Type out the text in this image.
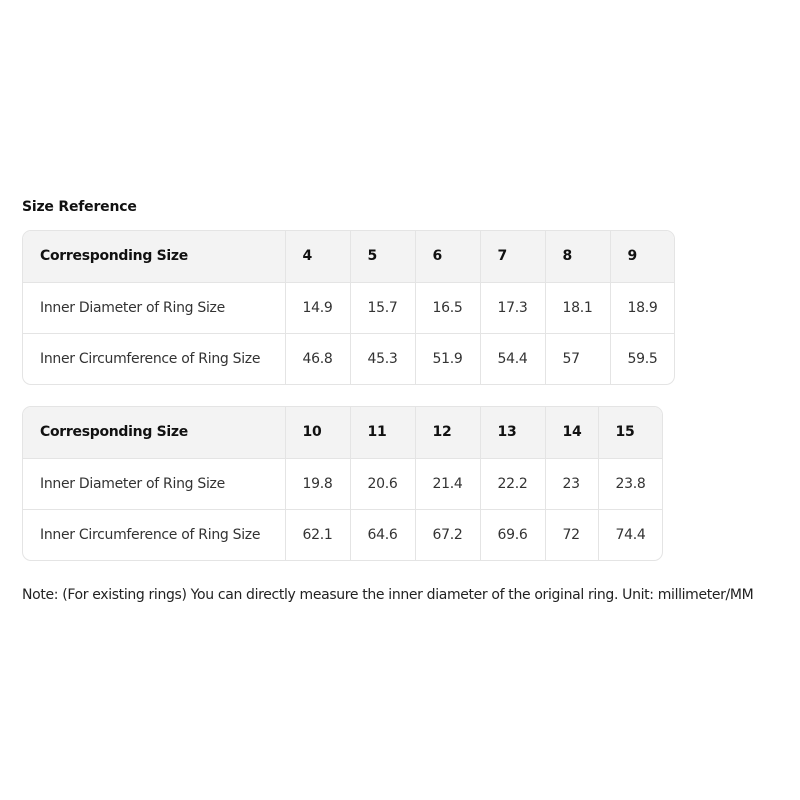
Size Reference
Corresponding Size	4	5	6	7	8	9
Inner Diameter of Ring Size	14.9	15.7	16.5	17.3	18.1	18.9
Inner Circumference of Ring Size	46.8	45.3	51.9	54.4	57	59.5
Corresponding Size	10	11	12	13	14	15
Inner Diameter of Ring Size	19.8	20.6	21.4	22.2	23	23.8
Inner Circumference of Ring Size	62.1	64.6	67.2	69.6	72	74.4
Note: (For existing rings) You can directly measure the inner diameter of the original ring. Unit: millimeter/MM
